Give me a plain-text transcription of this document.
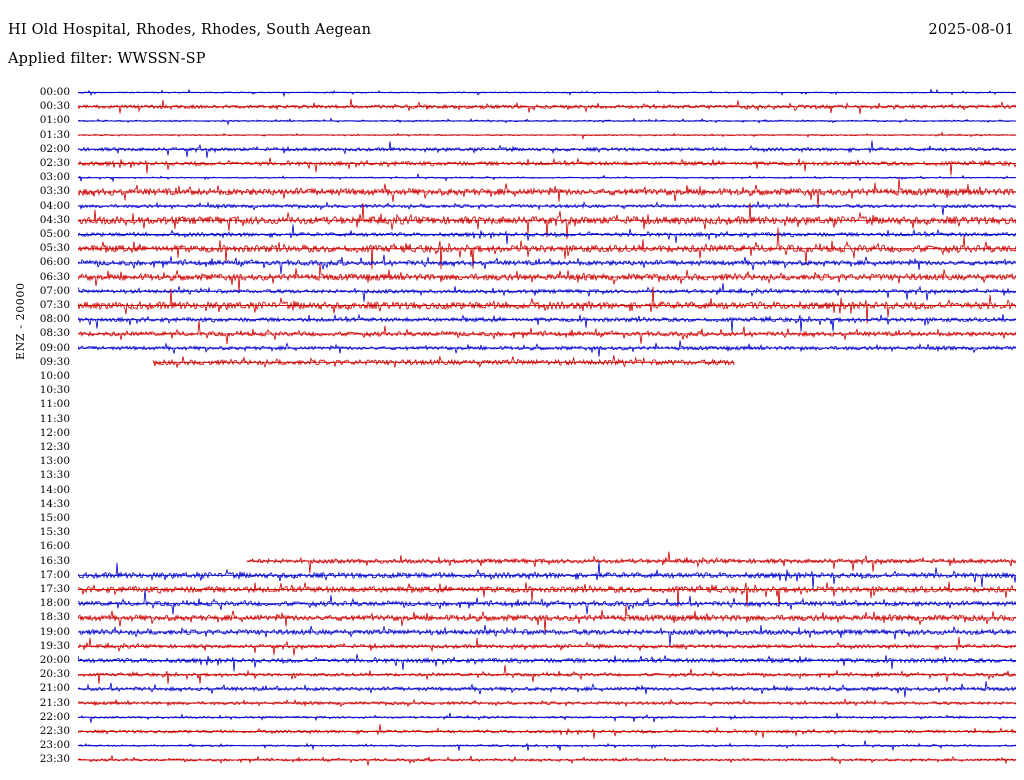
HI Old Hospital, Rhodes, Rhodes, South Aegean	2025-08-01
Applied filter: WWSSN-SP
ENZ - 20000
00:00
00:30
01:00
01:30
02:00
02:30
03:00
03:30
04:00
04:30
05:00
05:30
06:00
06:30
07:00
07:30
08:00
08:30
09:00
09:30
10:00
10:30
11:00
11:30
12:00
12:30
13:00
13:30
14:00
14:30
15:00
15:30
16:00
16:30
17:00
17:30
18:00
18:30
19:00
19:30
20:00
20:30
21:00
21:30
22:00
22:30
23:00
23:30
